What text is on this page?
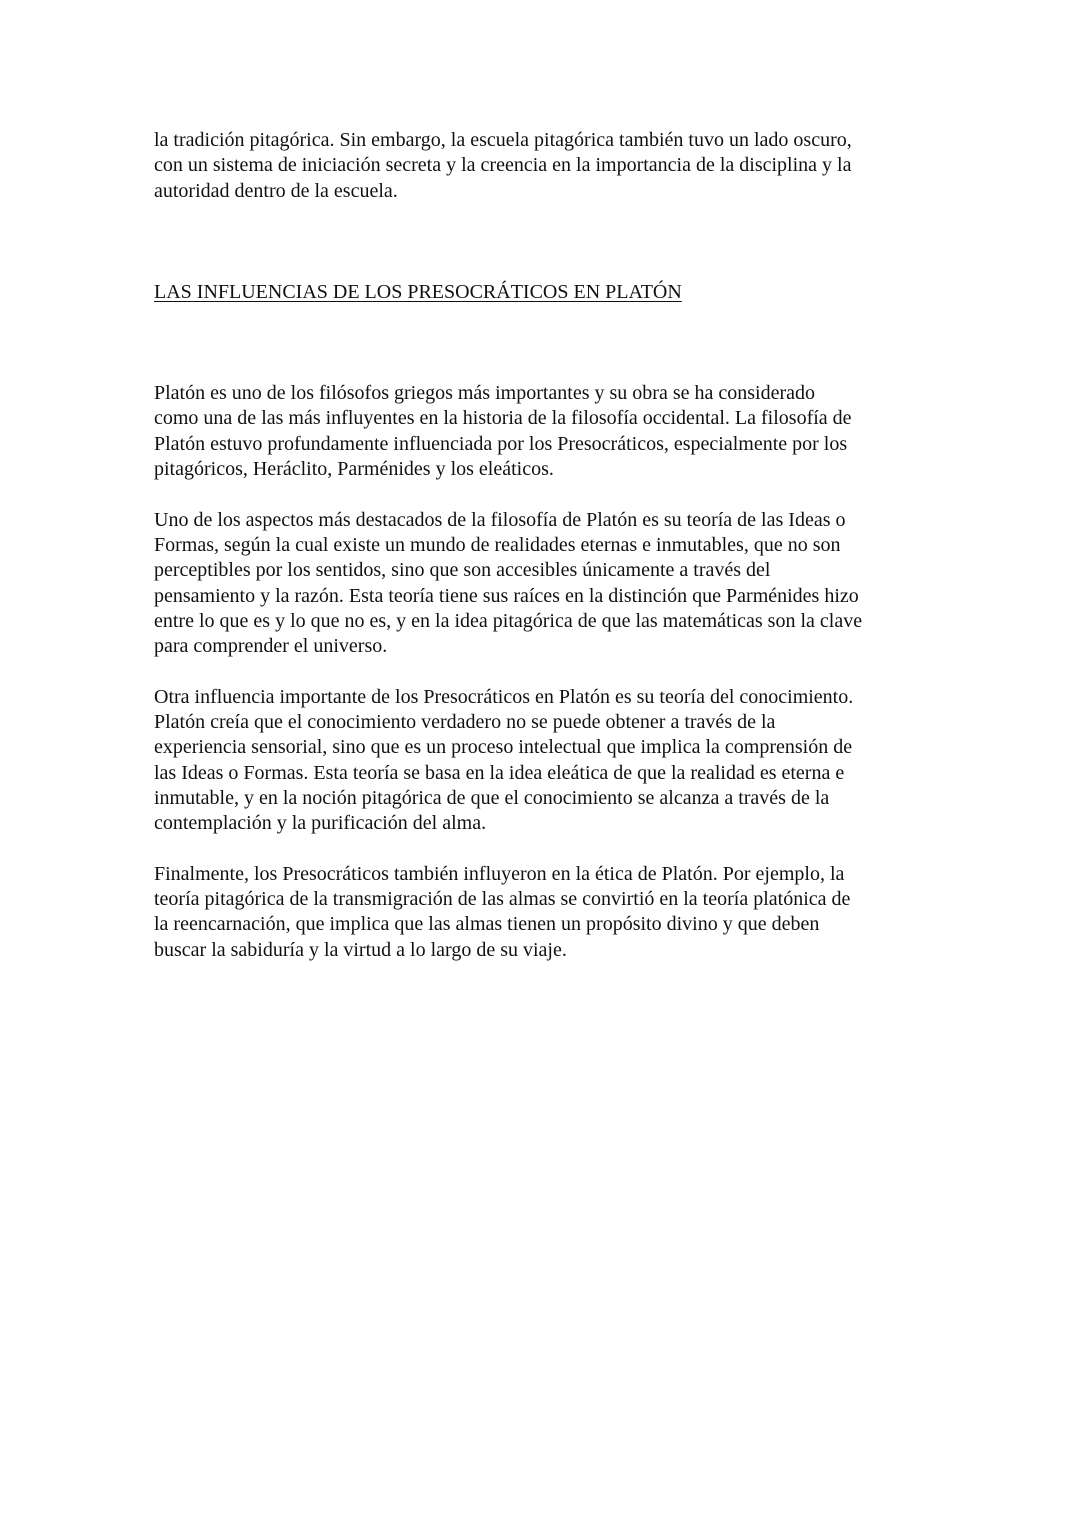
la tradición pitagórica. Sin embargo, la escuela pitagórica también tuvo un lado oscuro,
con un sistema de iniciación secreta y la creencia en la importancia de la disciplina y la
autoridad dentro de la escuela.
LAS INFLUENCIAS DE LOS PRESOCRÁTICOS EN PLATÓN

Platón es uno de los filósofos griegos más importantes y su obra se ha considerado
como una de las más influyentes en la historia de la filosofía occidental. La filosofía de
Platón estuvo profundamente influenciada por los Presocráticos, especialmente por los
pitagóricos, Heráclito, Parménides y los eleáticos.

Uno de los aspectos más destacados de la filosofía de Platón es su teoría de las Ideas o
Formas, según la cual existe un mundo de realidades eternas e inmutables, que no son
perceptibles por los sentidos, sino que son accesibles únicamente a través del
pensamiento y la razón. Esta teoría tiene sus raíces en la distinción que Parménides hizo
entre lo que es y lo que no es, y en la idea pitagórica de que las matemáticas son la clave
para comprender el universo.

Otra influencia importante de los Presocráticos en Platón es su teoría del conocimiento.
Platón creía que el conocimiento verdadero no se puede obtener a través de la
experiencia sensorial, sino que es un proceso intelectual que implica la comprensión de
las Ideas o Formas. Esta teoría se basa en la idea eleática de que la realidad es eterna e
inmutable, y en la noción pitagórica de que el conocimiento se alcanza a través de la
contemplación y la purificación del alma.

Finalmente, los Presocráticos también influyeron en la ética de Platón. Por ejemplo, la
teoría pitagórica de la transmigración de las almas se convirtió en la teoría platónica de
la reencarnación, que implica que las almas tienen un propósito divino y que deben
buscar la sabiduría y la virtud a lo largo de su viaje.
